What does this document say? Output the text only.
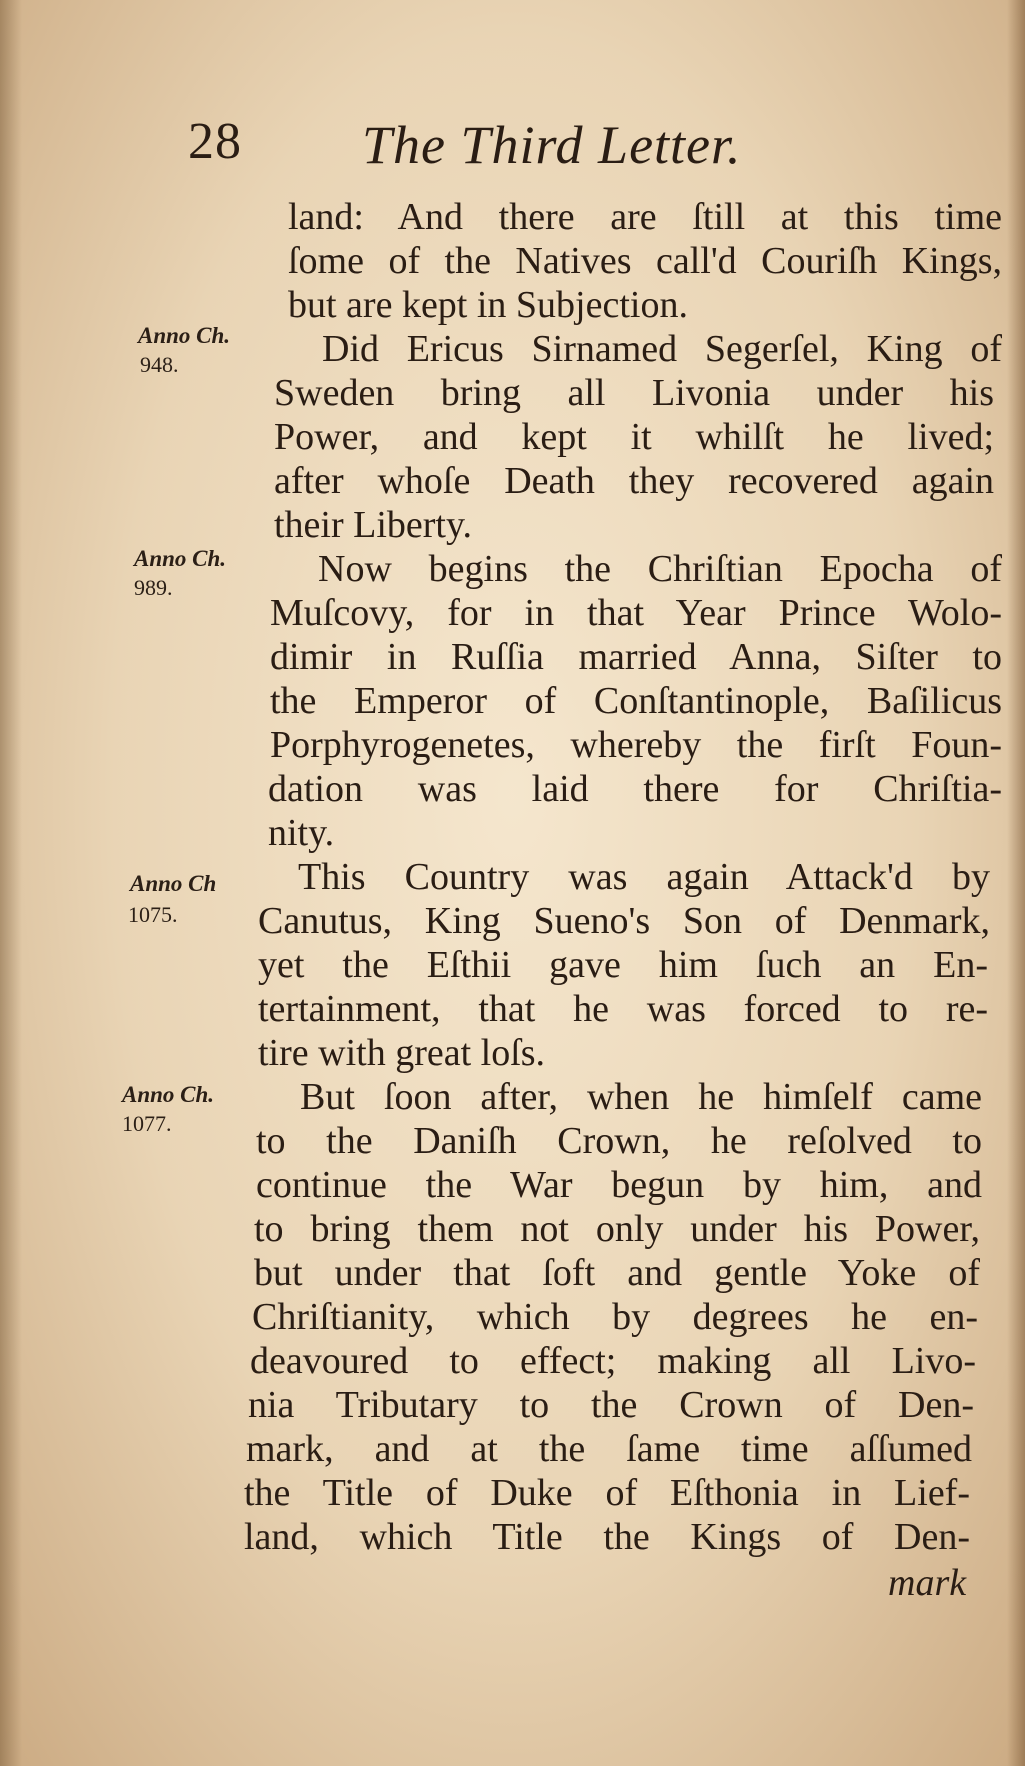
28 The Third Letter.
Anno Ch.
948.
Anno Ch.
989.
Anno Ch
1075.
Anno Ch.
1077.
land: And there are ſtill at this time
ſome of the Natives call'd Couriſh Kings,
but are kept in Subjection.
Did Ericus Sirnamed Segerſel, King of
Sweden bring all Livonia under his
Power, and kept it whilſt he lived;
after whoſe Death they recovered again
their Liberty.
Now begins the Chriſtian Epocha of
Muſcovy, for in that Year Prince Wolo-
dimir in Ruſſia married Anna, Siſter to
the Emperor of Conſtantinople, Baſilicus
Porphyrogenetes, whereby the firſt Foun-
dation was laid there for Chriſtia-
nity.
This Country was again Attack'd by
Canutus, King Sueno's Son of Denmark,
yet the Eſthii gave him ſuch an En-
tertainment, that he was forced to re-
tire with great loſs.
But ſoon after, when he himſelf came
to the Daniſh Crown, he reſolved to
continue the War begun by him, and
to bring them not only under his Power,
but under that ſoft and gentle Yoke of
Chriſtianity, which by degrees he en-
deavoured to effect; making all Livo-
nia Tributary to the Crown of Den-
mark, and at the ſame time aſſumed
the Title of Duke of Eſthonia in Lief-
land, which Title the Kings of Den-
mark
